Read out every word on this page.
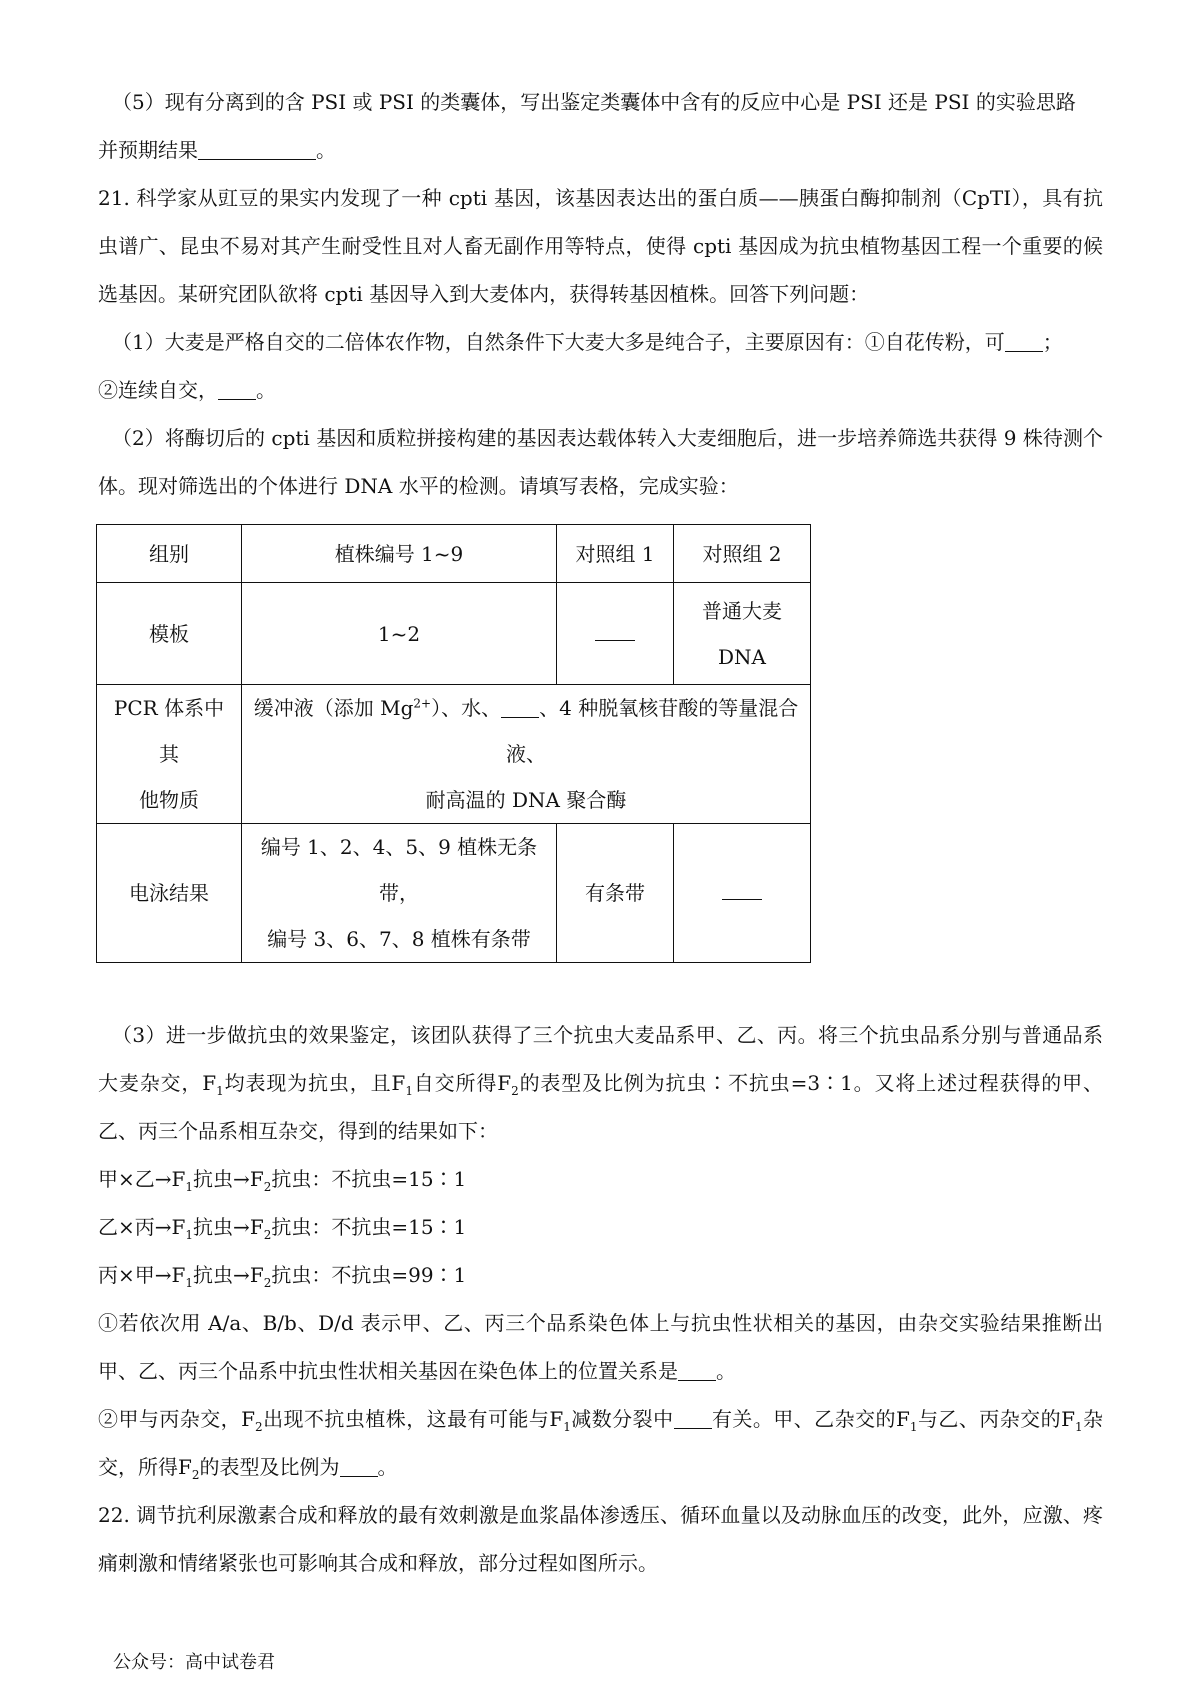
（5）现有分离到的含 PSI 或 PSI 的类囊体，写出鉴定类囊体中含有的反应中心是 PSI 还是 PSI 的实验思路

并预期结果	。

21. 科学家从豇豆的果实内发现了一种 cpti 基因，该基因表达出的蛋白质——胰蛋白酶抑制剂（CpTI），具有抗虫谱广、昆虫不易对其产生耐受性且对人畜无副作用等特点，使得 cpti 基因成为抗虫植物基因工程一个重要的候选基因。某研究团队欲将 cpti 基因导入到大麦体内，获得转基因植株。回答下列问题：

（1）大麦是严格自交的二倍体农作物，自然条件下大麦大多是纯合子，主要原因有：①自花传粉，可 ；

②连续自交， 。

（2）将酶切后的 cpti 基因和质粒拼接构建的基因表达载体转入大麦细胞后，进一步培养筛选共获得 9 株待测个体。现对筛选出的个体进行 DNA 水平的检测。请填写表格，完成实验：

组别	植株编号 1~9	对照组 1	对照组 2
模板	1~2		普通大麦
DNA

PCR 体系中其
他物质	缓冲液（添加 $Mg^{2+}$）、水、 、4 种脱氧核苷酸的等量混合液、
耐高温的 DNA 聚合酶		

电泳结果	编号 1、2、4、5、9 植株无条带，
编号 3、6、7、8 植株有条带	有条带	

（3）进一步做抗虫的效果鉴定，该团队获得了三个抗虫大麦品系甲、乙、丙。将三个抗虫品系分别与普通品系大麦杂交，$F_1$均表现为抗虫，且$F_1$自交所得$F_2$的表型及比例为抗虫∶不抗虫=3∶1。又将上述过程获得的甲、乙、丙三个品系相互杂交，得到的结果如下：

甲×乙$\to F_1$抗虫$\to F_2$抗虫：不抗虫=15∶1

乙×丙$\to F_1$抗虫$\to F_2$抗虫：不抗虫=15∶1

丙×甲$\to F_1$抗虫$\to F_2$抗虫：不抗虫=99∶1

①若依次用 A/a、B/b、D/d 表示甲、乙、丙三个品系染色体上与抗虫性状相关的基因，由杂交实验结果推断出甲、乙、丙三个品系中抗虫性状相关基因在染色体上的位置关系是 。

②甲与丙杂交，$F_2$出现不抗虫植株，这最有可能与$F_1$减数分裂中 有关。甲、乙杂交的$F_1$与乙、丙杂交的$F_1$杂交，所得$F_2$的表型及比例为 。

22. 调节抗利尿激素合成和释放的最有效刺激是血浆晶体渗透压、循环血量以及动脉血压的改变，此外，应激、疼痛刺激和情绪紧张也可影响其合成和释放，部分过程如图所示。

公众号：高中试卷君
